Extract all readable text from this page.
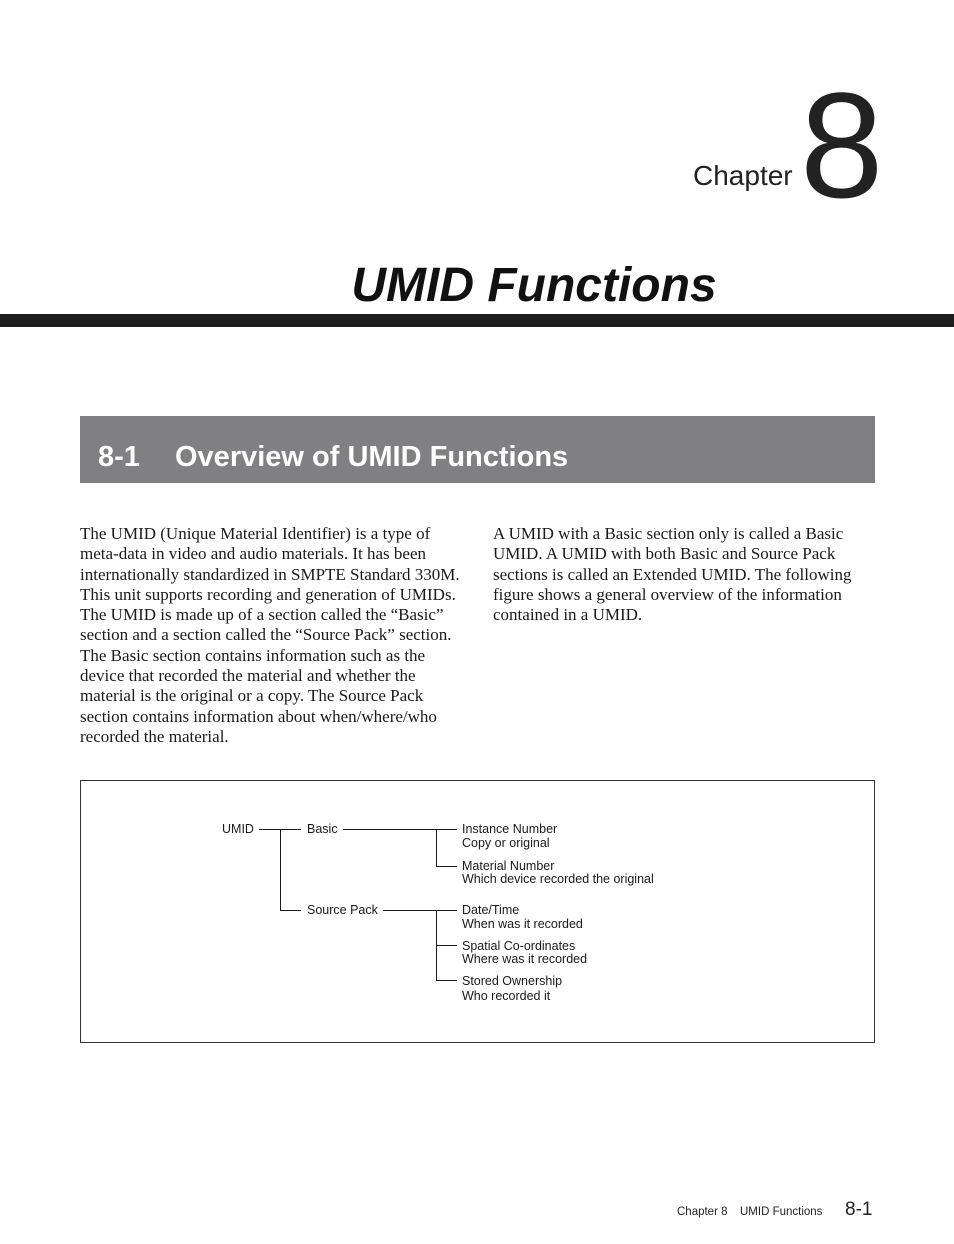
Chapter 8
UMID Functions
8-1 Overview of UMID Functions

The UMID (Unique Material Identifier) is a type of meta-data in video and audio materials. It has been internationally standardized in SMPTE Standard 330M. This unit supports recording and generation of UMIDs.

The UMID is made up of a section called the “Basic” section and a section called the “Source Pack” section. The Basic section contains information such as the device that recorded the material and whether the material is the original or a copy. The Source Pack section contains information about when/where/who recorded the material.

A UMID with a Basic section only is called a Basic UMID. A UMID with both Basic and Source Pack sections is called an Extended UMID. The following figure shows a general overview of the information contained in a UMID.

UMID	Basic
Source Pack
Instance Number
Copy or original
Material Number
Which device recorded the original
Date/Time
When was it recorded
Spatial Co-ordinates
Where was it recorded
Stored Ownership
Who recorded it
Chapter 8 UMID Functions 8-1
